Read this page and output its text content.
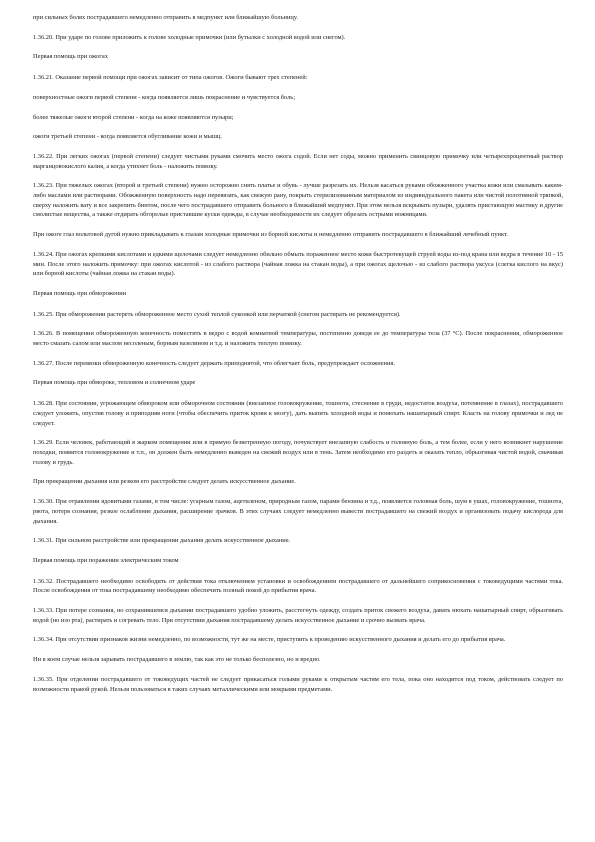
при сильных болях пострадавшего немедленно отправить в медпункт или ближайшую больницу.
1.36.20. При ударе по голове приложить к голове холодные примочки (или бутылки с холодной водой или снегом).
Первая помощь при ожогах
1.36.21. Оказание первой помощи при ожогах зависит от типа ожогов. Ожоги бывают трех степеней:
поверхностные ожоги первой степени - когда появляется лишь покраснение и чувствуется боль;
более тяжелые ожоги второй степени - когда на коже появляются пузыри;
ожоги третьей степени - когда появляется обугливание кожи и мышц.
1.36.22. При легких ожогах (первой степени) следует чистыми руками смочить место ожога содой. Если нет соды, можно применить свинцовую примочку или четырехпроцентный раствор марганцовокислого калия, а когда утихнет боль - наложить повязку.
1.36.23. При тяжелых ожогах (второй и третьей степени) нужно осторожно снять платье и обувь - лучше разрезать их. Нельзя касаться руками обожженного участка кожи или смазывать каким-либо маслами или растворами. Обожженную поверхность надо перевязать, как свежую рану, покрыть стерилизованным материалом из индивидуального пакета или чистой полотняной тряпкой, сверху наложить вату и все закрепить бинтом, после чего пострадавшего отправить больного в ближайший медпункт. При этом нельзя вскрывать пузыри, удалять пристающую мастику и другие смолистые вещества, а также отдирать обгорелые приставшие куски одежды, в случае необходимости их следует обрезать острыми ножницами.
При ожоге глаз вольтовой дугой нужно прикладывать к глазам холодные примочки из борной кислоты и немедленно отправить пострадавшего в ближайший лечебный пункт.
1.36.24. При ожогах крепкими кислотами и едкими щелочами следует немедленно обильно обмыть пораженное место кожи быстротекущей струей воды из-под крана или ведра в течение 10 - 15 мин. После этого наложить примочку: при ожогах кислотой - из слабого раствора (чайная ложка на стакан воды), а при ожогах щелочью - из слабого раствора уксуса (слегка кислого на вкус) или борной кислоты (чайная ложка на стакан воды).
Первая помощь при обморожении
1.36.25. При обморожении растереть обмороженное место сухой теплой суконкой или перчаткой (снегом растирать не рекомендуется).
1.36.26. В помещении обмороженную конечность поместить в ведро с водой комнатной температуры, постепенно доведя ее до температуры тела (37 °С). После покраснения, обмороженное место смазать салом или маслом несоленым, борным вазелином и т.д. и наложить теплую повязку.
1.36.27. После перевязки обмороженную конечность следует держать приподнятой, что облегчает боль, предупреждает осложнения.
Первая помощь при обмороке, тепловом и солнечном ударе
1.36.28. При состоянии, угрожающем обмороком или обморочном состоянии (внезапное головокружение, тошнота, стеснение в груди, недостаток воздуха, потемнение в глазах), пострадавшего следует уложить, опустив голову и приподняв ноги (чтобы обеспечить приток крови к мозгу), дать выпить холодной воды и понюхать нашатырный спирт. Класть на голову примочки и лед не следует.
1.36.29. Если человек, работающий в жарком помещении или в прямую безветренную погоду, почувствует внезапную слабость и головную боль, а тем более, если у него возникнет нарушение походки, появится головокружение и т.п., он должен быть немедленно выведен на свежий воздух или в тень. Затем необходимо его раздеть и оказать тепло, обрызгивая чистой водой, смачивая голову и грудь.
При прекращении дыхания или резком его расстройстве следует делать искусственное дыхание.
1.36.30. При отравлении ядовитыми газами, в том числе: угарным газом, ацетиленом, природным газом, парами бензина и т.д., появляется головная боль, шум в ушах, головокружение, тошнота, рвота, потеря сознания, резкое ослабление дыхания, расширение зрачков. В этих случаях следует немедленно вывести пострадавшего на свежий воздух и организовать подачу кислорода для дыхания.
1.36.31. При сильном расстройстве или прекращении дыхания делать искусственное дыхание.
Первая помощь при поражении электрическим током
1.36.32. Пострадавшего необходимо освободить от действия тока отключением установки и освобождением пострадавшего от дальнейшего соприкосновения с токоведущими частями тока. После освобождения от тока пострадавшему необходимо обеспечить полный покой до прибытия врача.
1.36.33. При потере сознания, но сохранившемся дыхании пострадавшего удобно уложить, расстегнуть одежду, создать приток свежего воздуха, давать нюхать нашатырный спирт, обрызгивать водой (но изо рта), растирать и согревать тело. При отсутствии дыхания пострадавшему делать искусственное дыхание и срочно вызвать врача.
1.36.34. При отсутствии признаков жизни немедленно, по возможности, тут же на месте, приступить к проведению искусственного дыхания и делать его до прибытия врача.
Ни в коем случае нельзя зарывать пострадавшего в землю, так как это не только бесполезно, но и вредно.
1.36.35. При отделении пострадавшего от токоведущих частей не следует прикасаться голыми руками к открытым частям его тела, пока оно находится под током, действовать следует по возможности правой рукой. Нельзя пользоваться в таких случаях металлическими или мокрыми предметами.
